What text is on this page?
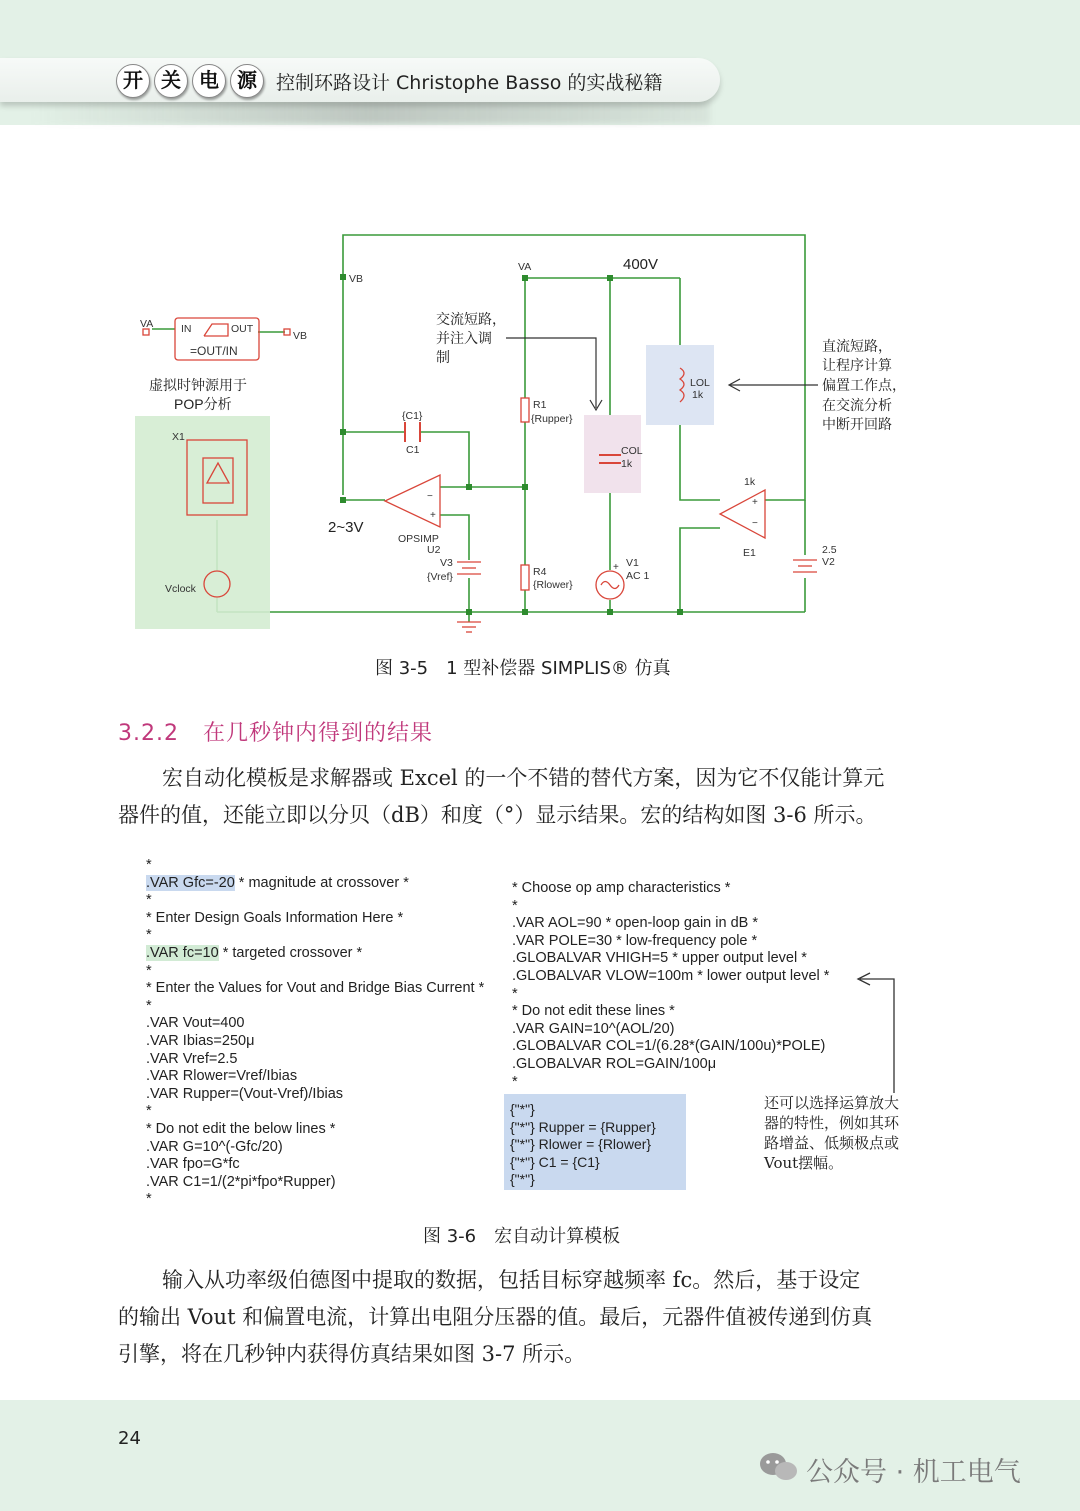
开 关 电 源	控制环路设计 Christophe Basso 的实战秘籍
−
+
+
−
+
VA
VB
IN	OUT
=OUT/IN
X1
Vclock
VB
VA
R1
{Rupper}
{C1}
C1	COL
1k
LOL
1k
OPSIMP
U2
V3
{Vref}	R4
{Rlower}
V1
AC 1
1k
E1	2.5
V2
400V
2~3V
虚拟时钟源用于
POP分析
交流短路，
并注入调
制
直流短路，
让程序计算
偏置工作点，
在交流分析
中断开回路
图 3-5　1 型补偿器 SIMPLIS® 仿真
3.2.2 在几秒钟内得到的结果
宏自动化模板是求解器或 Excel 的一个不错的替代方案，因为它不仅能计算元
器件的值，还能立即以分贝（dB）和度（°）显示结果。宏的结构如图 3-6 所示。
*
.VAR Gfc=-20 * magnitude at crossover *
*
* Enter Design Goals Information Here *
*
.VAR fc=10 * targeted crossover *
*
* Enter the Values for Vout and Bridge Bias Current *
*
.VAR Vout=400
.VAR Ibias=250μ
.VAR Vref=2.5
.VAR Rlower=Vref/Ibias
.VAR Rupper=(Vout-Vref)/Ibias
*
* Do not edit the below lines *
.VAR G=10^(-Gfc/20)
.VAR fpo=G*fc
.VAR C1=1/(2*pi*fpo*Rupper)
*
* Choose op amp characteristics *
*
.VAR AOL=90 * open-loop gain in dB *
.VAR POLE=30 * low-frequency pole *
.GLOBALVAR VHIGH=5 * upper output level *
.GLOBALVAR VLOW=100m * lower output level *
*
* Do not edit these lines *
.VAR GAIN=10^(AOL/20)
.GLOBALVAR COL=1/(6.28*(GAIN/100u)*POLE)
.GLOBALVAR ROL=GAIN/100μ
*
{"*"}
{"*"} Rupper = {Rupper}
{"*"} Rlower = {Rlower}
{"*"} C1 = {C1}
{"*"}
还可以选择运算放大
器的特性，例如其环
路增益、低频极点或
Vout摆幅。
图 3-6　宏自动计算模板
输入从功率级伯德图中提取的数据，包括目标穿越频率 fc。然后，基于设定
的输出 Vout 和偏置电流，计算出电阻分压器的值。最后，元器件值被传递到仿真
引擎，将在几秒钟内获得仿真结果如图 3-7 所示。
24
公众号 · 机工电气
